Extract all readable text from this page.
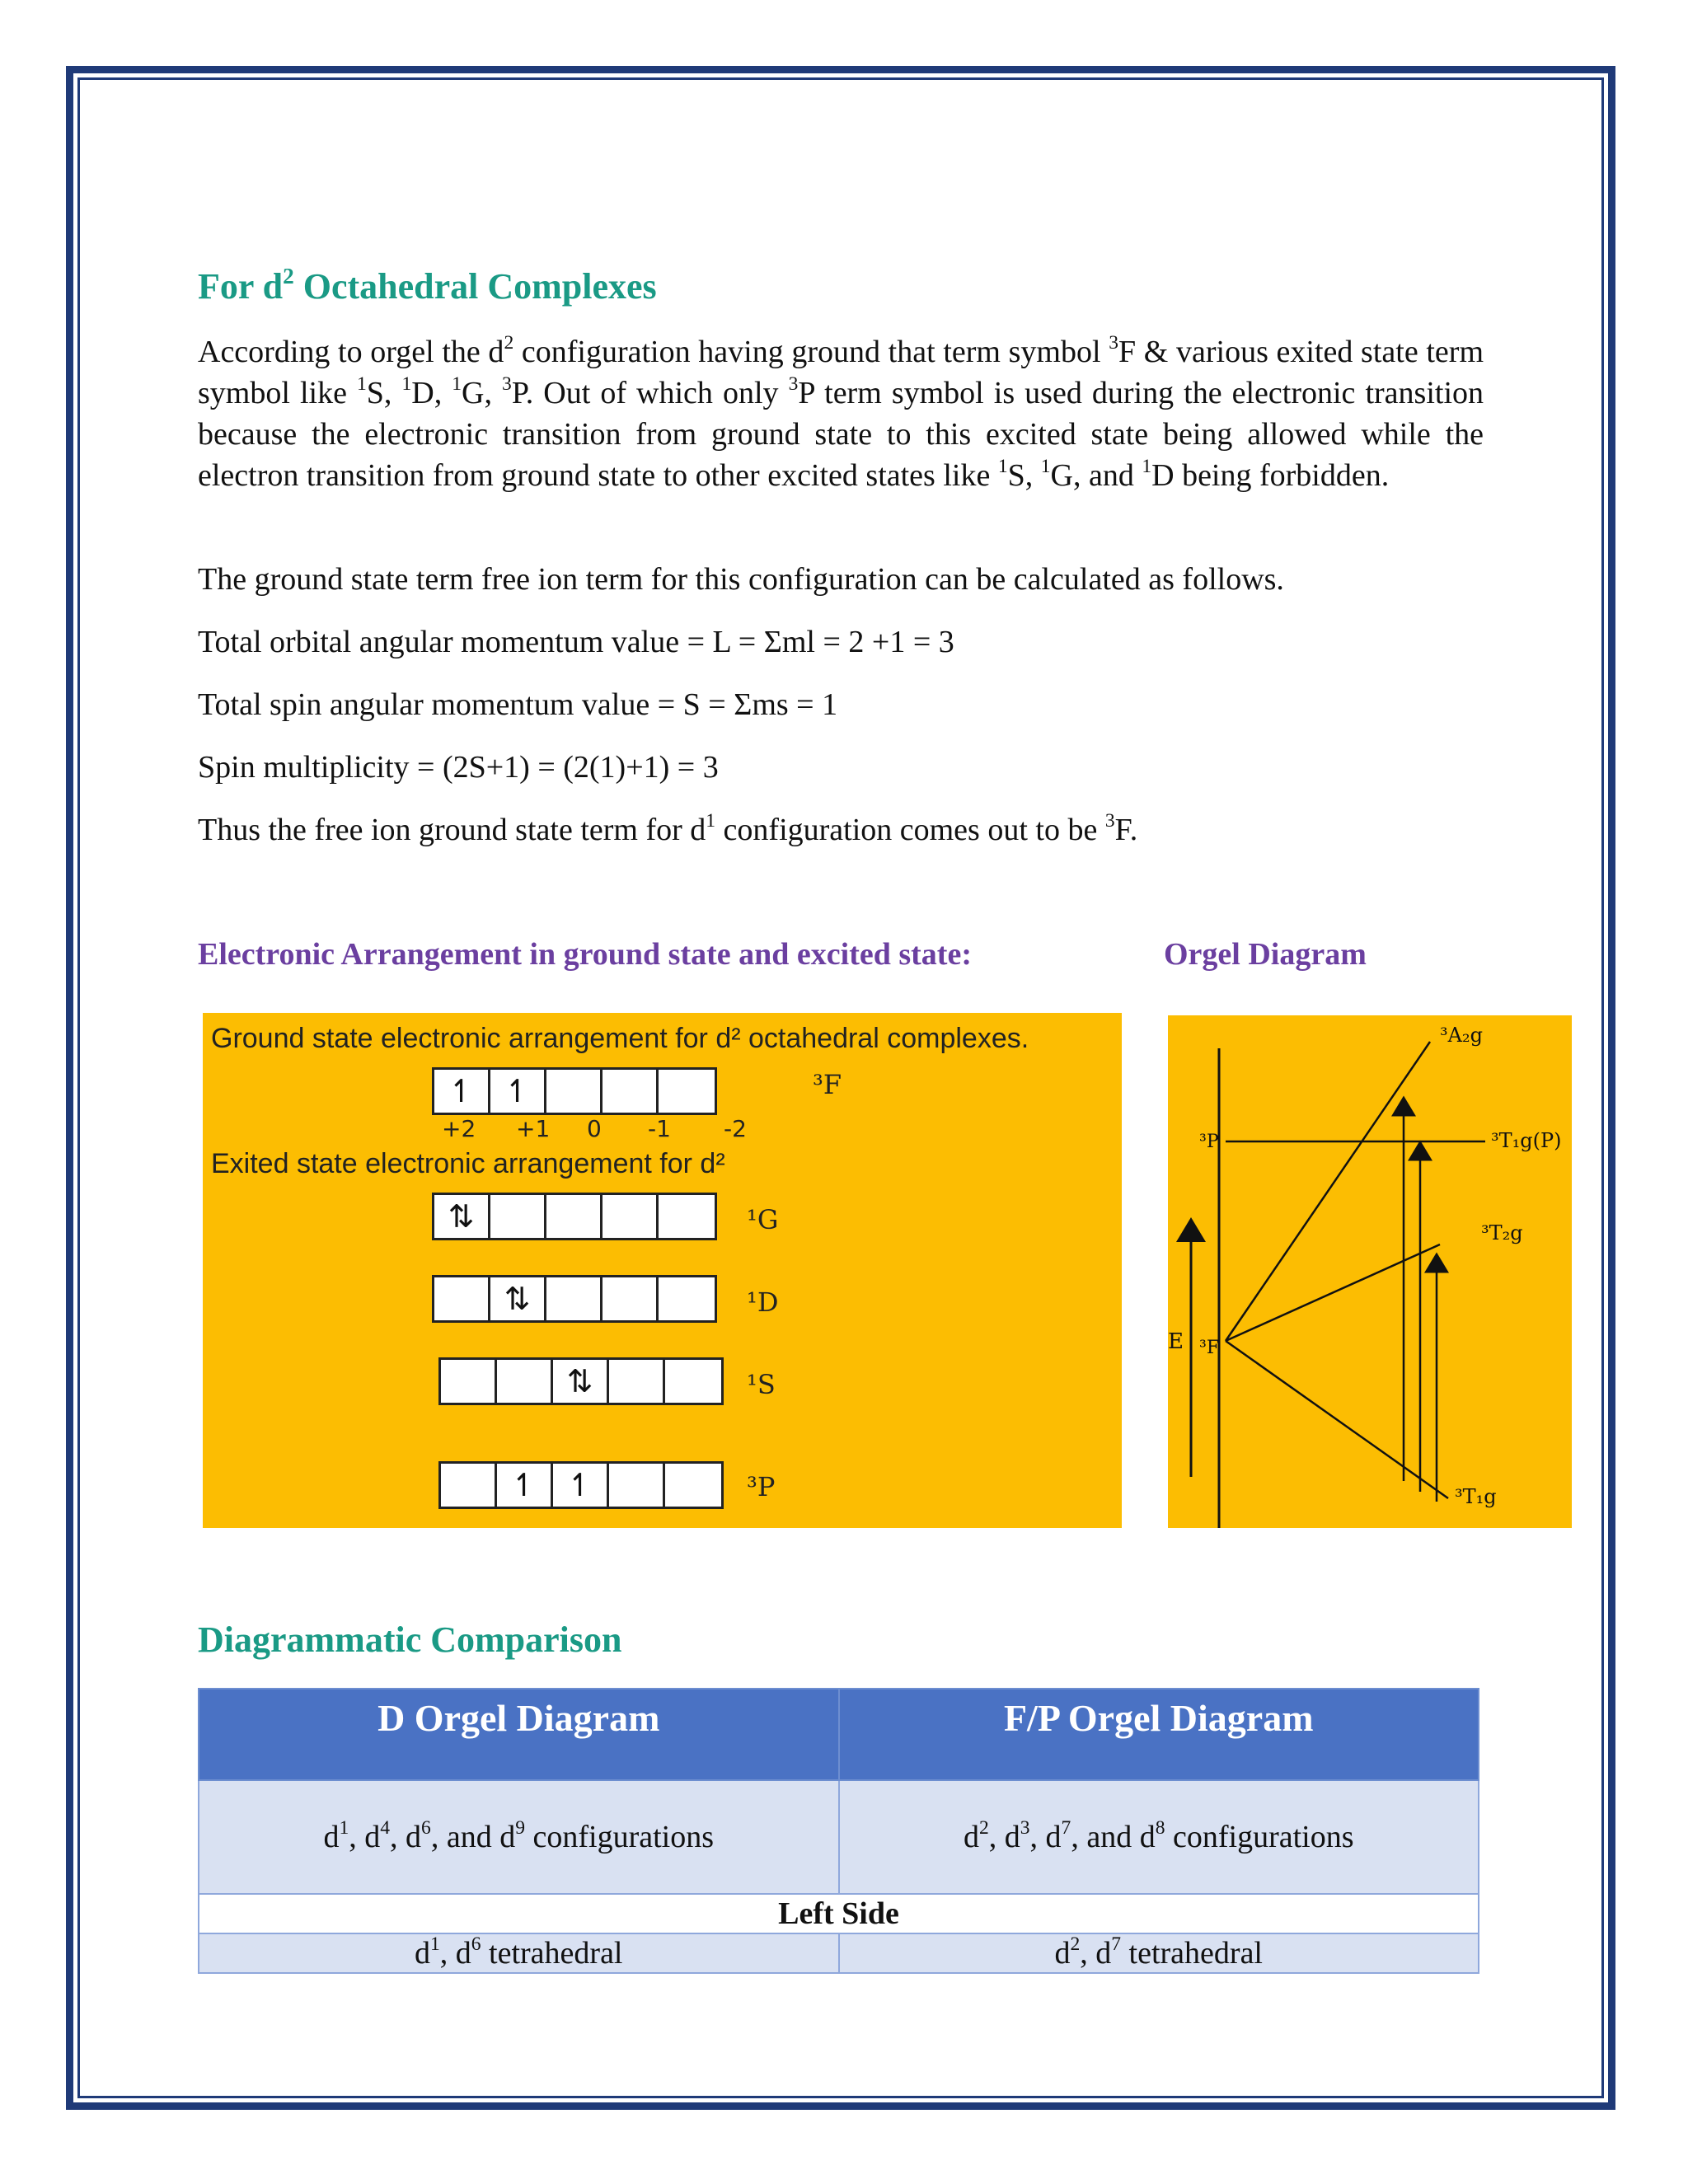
For $d^2$ Octahedral Complexes

According to orgel the $d^2$ configuration having ground that term symbol $^3$F & various exited state term symbol like $^1$S, $^1$D, $^1$G, $^3$P. Out of which only $^3$P term symbol is used during the electronic transition because the electronic transition from ground state to this excited state being allowed while the electron transition from ground state to other excited states like $^1$S, $^1$G, and $^1$D being forbidden.

The ground state term free ion term for this configuration can be calculated as follows.

Total orbital angular momentum value = L = Σml = 2 +1 = 3

Total spin angular momentum value = S = Σms = 1

Spin multiplicity = (2S+1) = (2(1)+1) = 3

Thus the free ion ground state term for $d^1$ configuration comes out to be $^3$F.

Electronic Arrangement in ground state and excited state:	Orgel Diagram
Ground state electronic arrangement for d² octahedral complexes.
↿ ↿	³F
+2 +1 0 -1 -2
Exited state electronic arrangement for d²
⇅	¹G
⇅	¹D
⇅	¹S
↿ ↿	³P
³A₂g
³T₁g(P)
³T₂g
³T₁g
³P
³F
E
Diagrammatic Comparison
D Orgel Diagram	F/P Orgel Diagram
$d^1$, $d^4$, $d^6$, and $d^9$ configurations	$d^2$, $d^3$, $d^7$, and $d^8$ configurations
Left Side	
$d^1$, $d^6$ tetrahedral	$d^2$, $d^7$ tetrahedral
